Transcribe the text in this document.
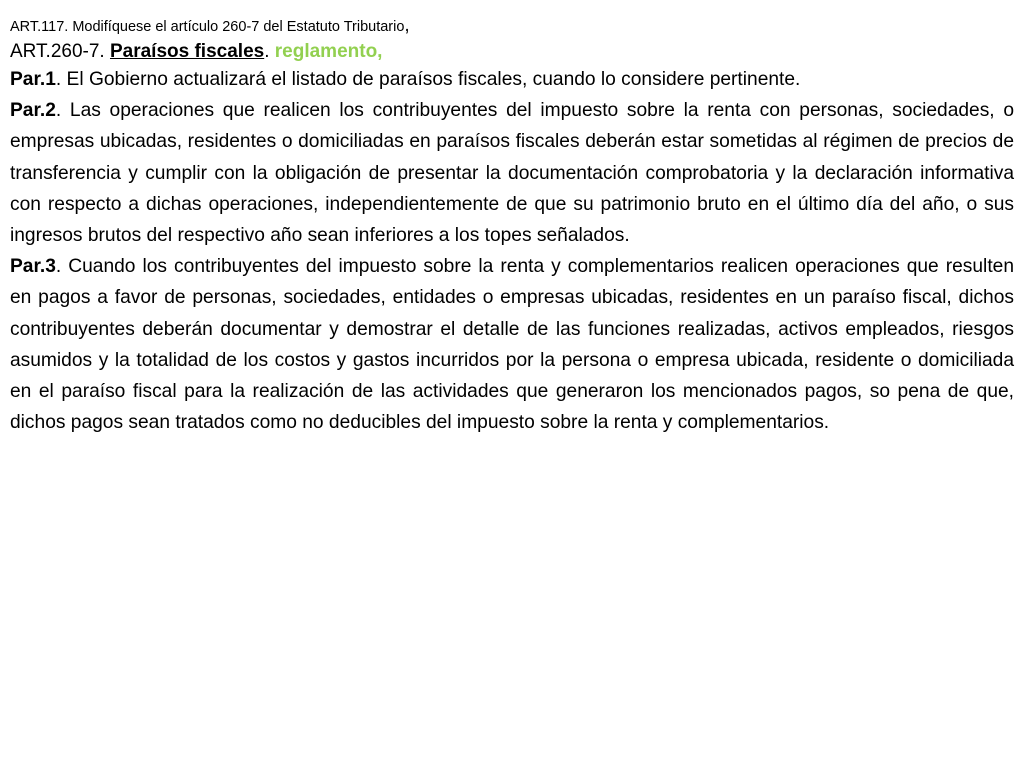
ART.117. Modifíquese el artículo 260-7 del Estatuto Tributario,

ART.260-7. Paraísos fiscales. reglamento,

Par.1. El Gobierno actualizará el listado de paraísos fiscales, cuando lo considere pertinente.

Par.2. Las operaciones que realicen los contribuyentes del impuesto sobre la renta con personas, sociedades, o empresas ubicadas, residentes o domiciliadas en paraísos fiscales deberán estar sometidas al régimen de precios de transferencia y cumplir con la obligación de presentar la documentación comprobatoria y la declaración informativa con respecto a dichas operaciones, independientemente de que su patrimonio bruto en el último día del año, o sus ingresos brutos del respectivo año sean inferiores a los topes señalados.

Par.3. Cuando los contribuyentes del impuesto sobre la renta y complementarios realicen operaciones que resulten en pagos a favor de personas, sociedades, entidades o empresas ubicadas, residentes en un paraíso fiscal, dichos contribuyentes deberán documentar y demostrar el detalle de las funciones realizadas, activos empleados, riesgos asumidos y la totalidad de los costos y gastos incurridos por la persona o empresa ubicada, residente o domiciliada en el paraíso fiscal para la realización de las actividades que generaron los mencionados pagos, so pena de que, dichos pagos sean tratados como no deducibles del impuesto sobre la renta y complementarios.
